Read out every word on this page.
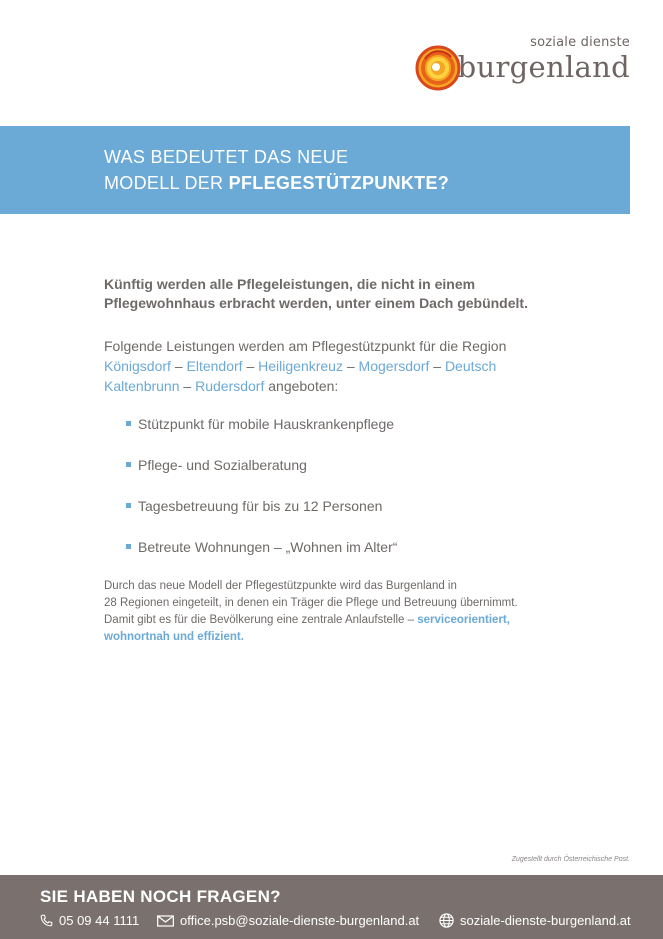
soziale dienste
burgenland
WAS BEDEUTET DAS NEUE
MODELL DER PFLEGESTÜTZPUNKTE?

Künftig werden alle Pflegeleistungen, die nicht in einem Pflegewohnhaus erbracht werden, unter einem Dach gebündelt.

Folgende Leistungen werden am Pflegestützpunkt für die Region
Königsdorf – Eltendorf – Heiligenkreuz – Mogersdorf – Deutsch Kaltenbrunn – Rudersdorf angeboten:

Stützpunkt für mobile Hauskrankenpflege
Pflege- und Sozialberatung
Tagesbetreuung für bis zu 12 Personen
Betreute Wohnungen – „Wohnen im Alter“

Durch das neue Modell der Pflegestützpunkte wird das Burgenland in
28 Regionen eingeteilt, in denen ein Träger die Pflege und Betreuung übernimmt.
Damit gibt es für die Bevölkerung eine zentrale Anlaufstelle – serviceorientiert, wohnortnah und effizient.

Zugestellt durch Österreichische Post.
SIE HABEN NOCH FRAGEN?
05 09 44 1111	office.psb@soziale-dienste-burgenland.at	soziale-dienste-burgenland.at
